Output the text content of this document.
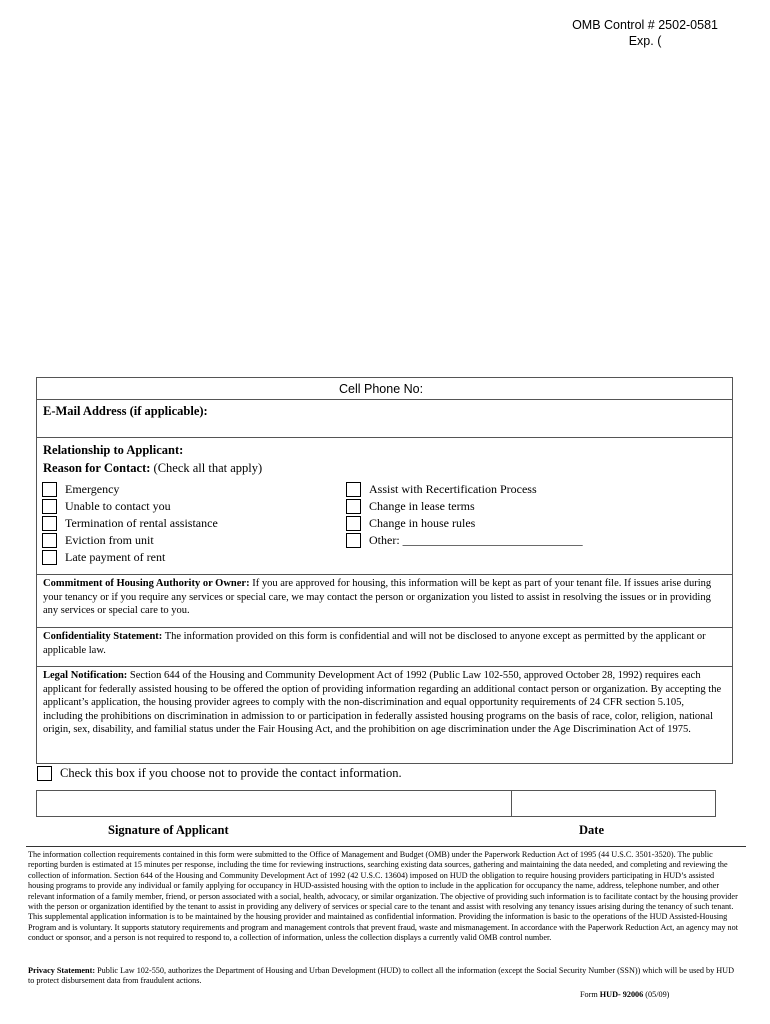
OMB Control # 2502-0581
Exp. (
Cell Phone No:
E-Mail Address (if applicable):
Relationship to Applicant:
Reason for Contact: (Check all that apply)
Emergency
Unable to contact you
Termination of rental assistance
Eviction from unit
Late payment of rent
Assist with Recertification Process
Change in lease terms
Change in house rules
Other: ______________________________
Commitment of Housing Authority or Owner: If you are approved for housing, this information will be kept as part of your tenant file. If issues arise during your tenancy or if you require any services or special care, we may contact the person or organization you listed to assist in resolving the issues or in providing any services or special care to you.
Confidentiality Statement: The information provided on this form is confidential and will not be disclosed to anyone except as permitted by the applicant or applicable law.
Legal Notification: Section 644 of the Housing and Community Development Act of 1992 (Public Law 102-550, approved October 28, 1992) requires each applicant for federally assisted housing to be offered the option of providing information regarding an additional contact person or organization. By accepting the applicant’s application, the housing provider agrees to comply with the non-discrimination and equal opportunity requirements of 24 CFR section 5.105, including the prohibitions on discrimination in admission to or participation in federally assisted housing programs on the basis of race, color, religion, national origin, sex, disability, and familial status under the Fair Housing Act, and the prohibition on age discrimination under the Age Discrimination Act of 1975.
Check this box if you choose not to provide the contact information.
Signature of Applicant	Date
The information collection requirements contained in this form were submitted to the Office of Management and Budget (OMB) under the Paperwork Reduction Act of 1995 (44 U.S.C. 3501-3520). The public reporting burden is estimated at 15 minutes per response, including the time for reviewing instructions, searching existing data sources, gathering and maintaining the data needed, and completing and reviewing the collection of information. Section 644 of the Housing and Community Development Act of 1992 (42 U.S.C. 13604) imposed on HUD the obligation to require housing providers participating in HUD’s assisted housing programs to provide any individual or family applying for occupancy in HUD-assisted housing with the option to include in the application for occupancy the name, address, telephone number, and other relevant information of a family member, friend, or person associated with a social, health, advocacy, or similar organization. The objective of providing such information is to facilitate contact by the housing provider with the person or organization identified by the tenant to assist in providing any delivery of services or special care to the tenant and assist with resolving any tenancy issues arising during the tenancy of such tenant. This supplemental application information is to be maintained by the housing provider and maintained as confidential information. Providing the information is basic to the operations of the HUD Assisted-Housing Program and is voluntary. It supports statutory requirements and program and management controls that prevent fraud, waste and mismanagement. In accordance with the Paperwork Reduction Act, an agency may not conduct or sponsor, and a person is not required to respond to, a collection of information, unless the collection displays a currently valid OMB control number.
Privacy Statement: Public Law 102-550, authorizes the Department of Housing and Urban Development (HUD) to collect all the information (except the Social Security Number (SSN)) which will be used by HUD to protect disbursement data from fraudulent actions.
Form HUD- 92006 (05/09)
